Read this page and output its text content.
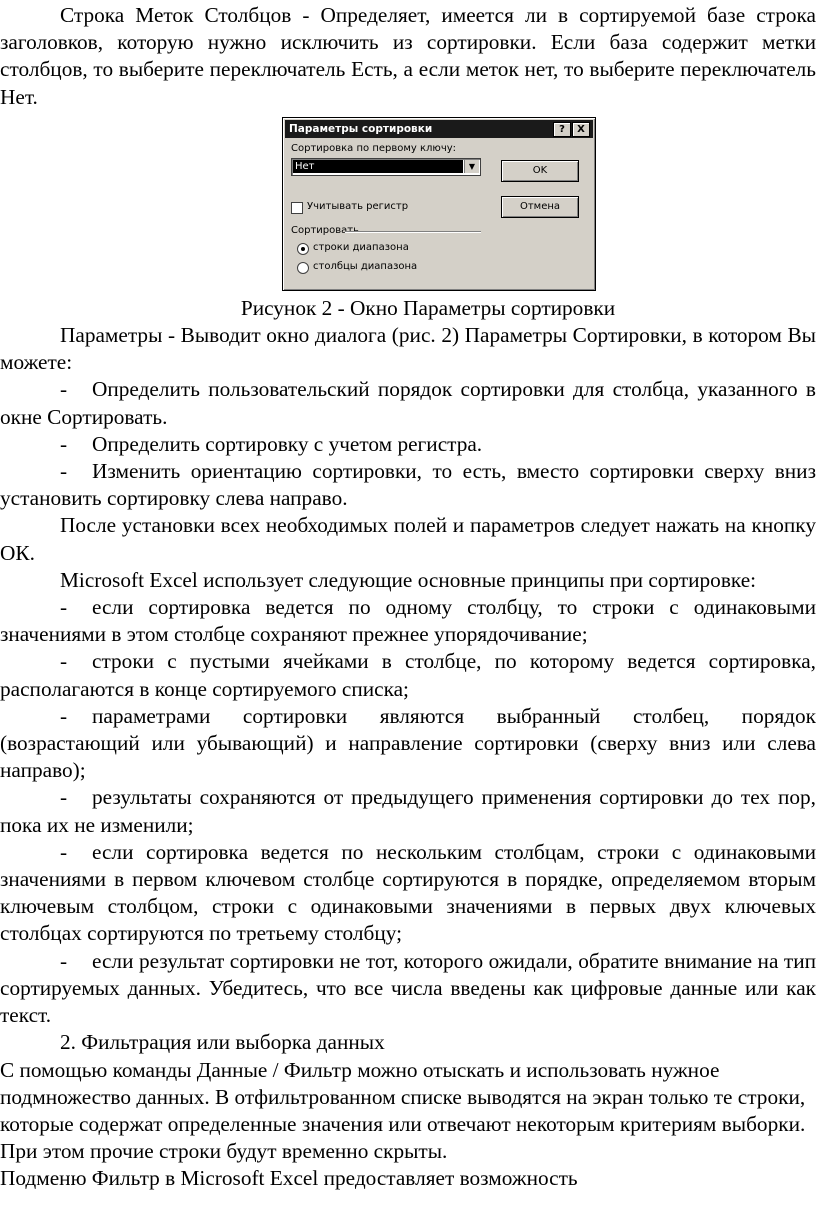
Строка Меток Столбцов - Определяет, имеется ли в сортируемой базе строка заголовков, которую нужно исключить из сортировки. Если база содержит метки столбцов, то выберите переключатель Есть, а если меток нет, то выберите переключатель Нет.

Параметры сортировки	?	X
Сортировка по первому ключу:
Нет	▼	OK
Отмена
Учитывать регистр
Сортировать
строки диапазона
столбцы диапазона

Рисунок 2 - Окно Параметры сортировки

Параметры - Выводит окно диалога (рис. 2) Параметры Сортировки, в котором Вы можете:

- Определить пользовательский порядок сортировки для столбца, указанного в окне Сортировать.

- Определить сортировку с учетом регистра.

- Изменить ориентацию сортировки, то есть, вместо сортировки сверху вниз установить сортировку слева направо.

После установки всех необходимых полей и параметров следует нажать на кнопку ОК.

Microsoft Excel использует следующие основные принципы при сортировке:

- если сортировка ведется по одному столбцу, то строки с одинаковыми значениями в этом столбце сохраняют прежнее упорядочивание;

- строки с пустыми ячейками в столбце, по которому ведется сортировка, располагаются в конце сортируемого списка;

- параметрами сортировки являются выбранный столбец, порядок (возрастающий или убывающий) и направление сортировки (сверху вниз или слева направо);

- результаты сохраняются от предыдущего применения сортировки до тех пор, пока их не изменили;

- если сортировка ведется по нескольким столбцам, строки с одинаковыми значениями в первом ключевом столбце сортируются в порядке, определяемом вторым ключевым столбцом, строки с одинаковыми значениями в первых двух ключевых столбцах сортируются по третьему столбцу;

- если результат сортировки не тот, которого ожидали, обратите внимание на тип сортируемых данных. Убедитесь, что все числа введены как цифровые данные или как текст.

2. Фильтрация или выборка данных

С помощью команды Данные / Фильтр можно отыскать и использовать нужное подмножество данных. В отфильтрованном списке выводятся на экран только те строки, которые содержат определенные значения или отвечают некоторым критериям выборки. При этом прочие строки будут временно скрыты.

Подменю Фильтр в Microsoft Excel предоставляет возможность
